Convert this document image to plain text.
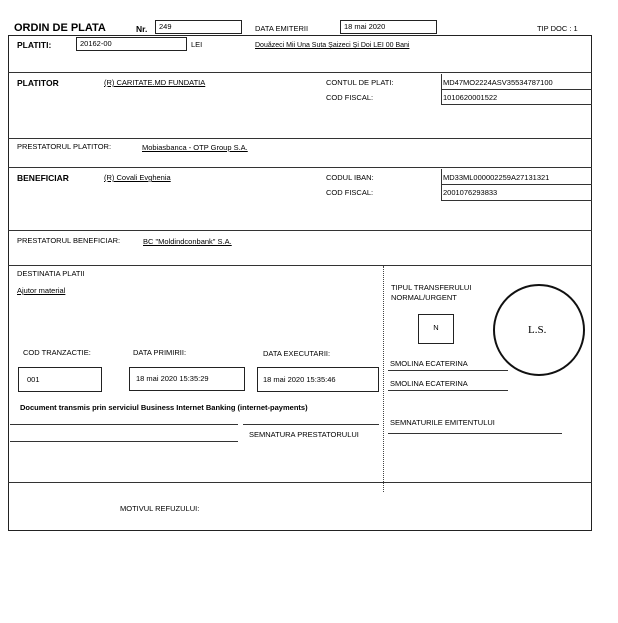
ORDIN DE PLATA	Nr.	249	DATA EMITERII	18 mai 2020	TIP DOC : 1
PLATITI:	20162-00	LEI	Douăzeci Mii Una Suta Şaizeci Şi Doi LEI 00 Bani
PLATITOR	(R) CARITATE.MD FUNDATIA	CONTUL DE PLATI:	MD47MO2224ASV35534787100
COD FISCAL:	1010620001522
PRESTATORUL PLATITOR:	Mobiasbanca - OTP Group S.A.
BENEFICIAR	(R) Covali Evghenia	CODUL IBAN:	MD33ML000002259A27131321
COD FISCAL:	2001076293833
PRESTATORUL BENEFICIAR:	BC "Moldindconbank" S.A.
DESTINATIA PLATII
Ajutor material	TIPUL TRANSFERULUI
NORMAL/URGENT
N	L.S.
COD TRANZACTIE:	DATA PRIMIRII:	DATA EXECUTARII:
001	18 mai 2020 15:35:29	18 mai 2020 15:35:46
SMOLINA ECATERINA
SMOLINA ECATERINA
Document transmis prin serviciul Business Internet Banking (internet-payments)
SEMNATURA PRESTATORULUI
SEMNATURILE EMITENTULUI
MOTIVUL REFUZULUI:
